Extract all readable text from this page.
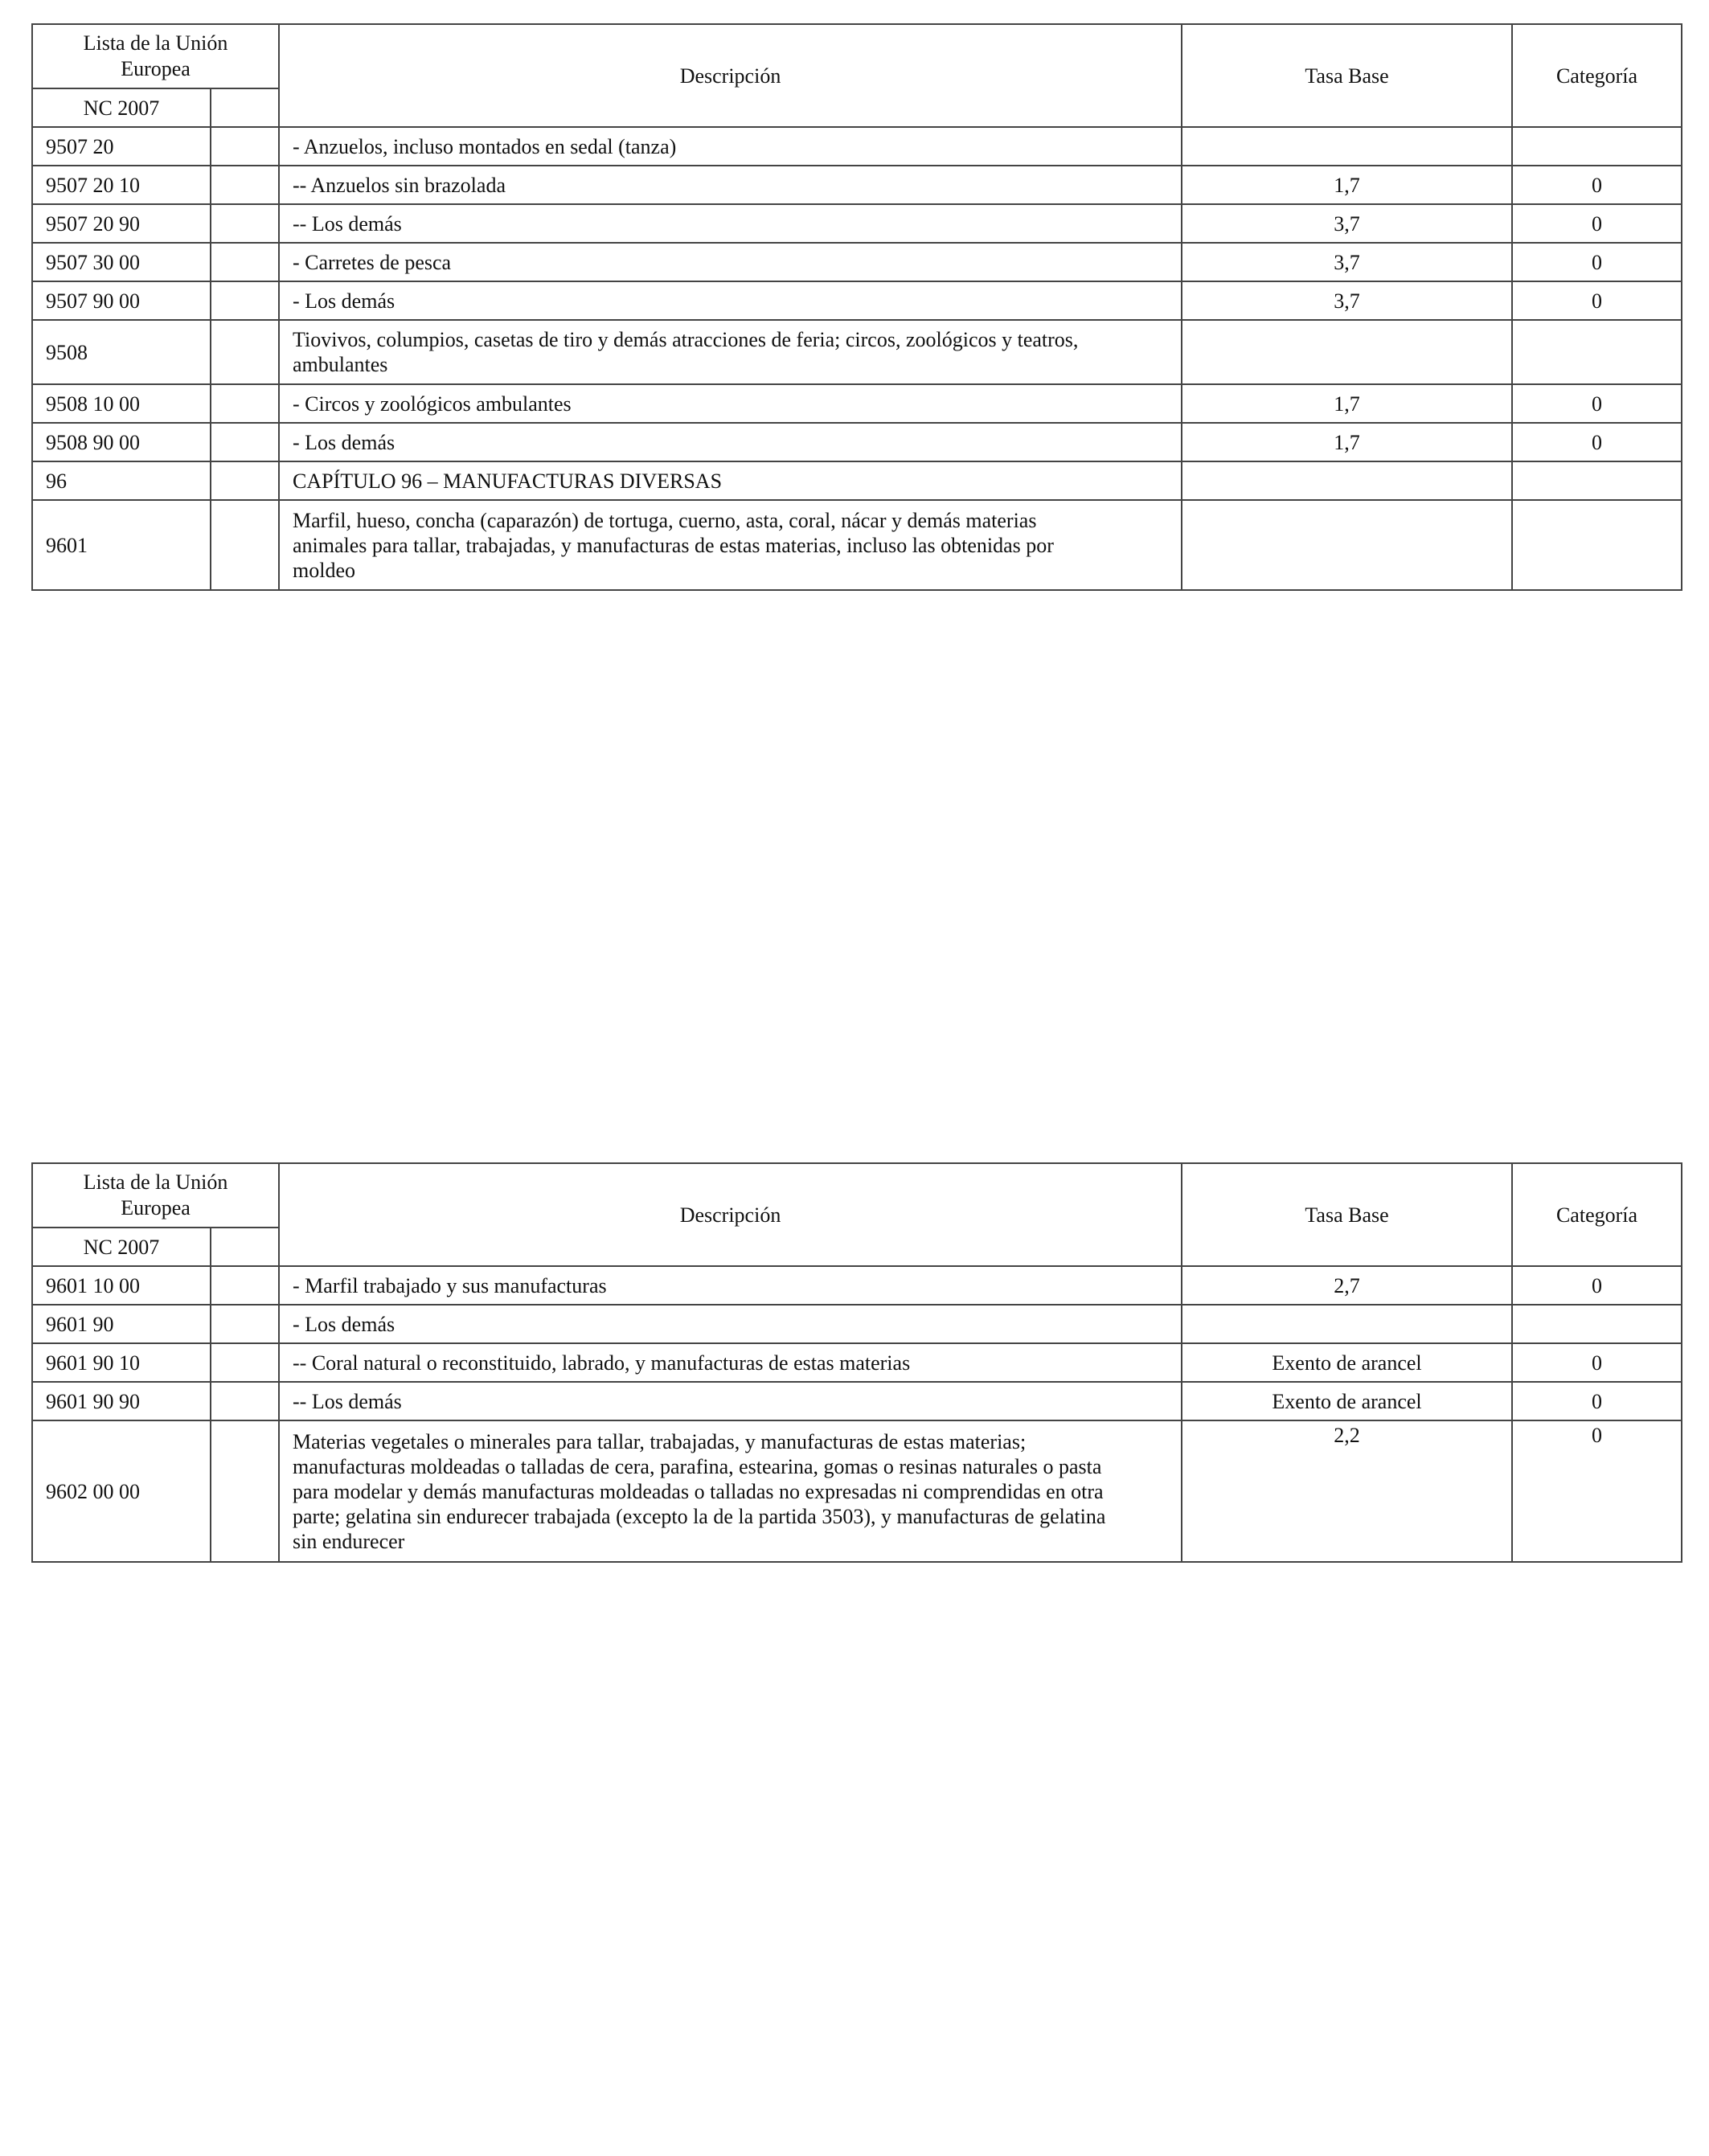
Lista de la Unión
Europea		Descripción	Tasa Base	Categoría
NC 2007				
9507 20		- Anzuelos, incluso montados en sedal (tanza)		
9507 20 10		-- Anzuelos sin brazolada	1,7	0
9507 20 90		-- Los demás	3,7	0
9507 30 00		- Carretes de pesca	3,7	0
9507 90 00		- Los demás	3,7	0
9508		Tiovivos, columpios, casetas de tiro y demás atracciones de feria; circos, zoológicos y teatros,
ambulantes		
9508 10 00		- Circos y zoológicos ambulantes	1,7	0
9508 90 00		- Los demás	1,7	0
96		CAPÍTULO 96 – MANUFACTURAS DIVERSAS		
9601		Marfil, hueso, concha (caparazón) de tortuga, cuerno, asta, coral, nácar y demás materias
animales para tallar, trabajadas, y manufacturas de estas materias, incluso las obtenidas por
moldeo		
Lista de la Unión
Europea		Descripción	Tasa Base	Categoría
NC 2007				
9601 10 00		- Marfil trabajado y sus manufacturas	2,7	0
9601 90		- Los demás		
9601 90 10		-- Coral natural o reconstituido, labrado, y manufacturas de estas materias	Exento de arancel	0
9601 90 90		-- Los demás	Exento de arancel	0
9602 00 00		Materias vegetales o minerales para tallar, trabajadas, y manufacturas de estas materias;
manufacturas moldeadas o talladas de cera, parafina, estearina, gomas o resinas naturales o pasta
para modelar y demás manufacturas moldeadas o talladas no expresadas ni comprendidas en otra
parte; gelatina sin endurecer trabajada (excepto la de la partida 3503), y manufacturas de gelatina
sin endurecer	2,2	0
